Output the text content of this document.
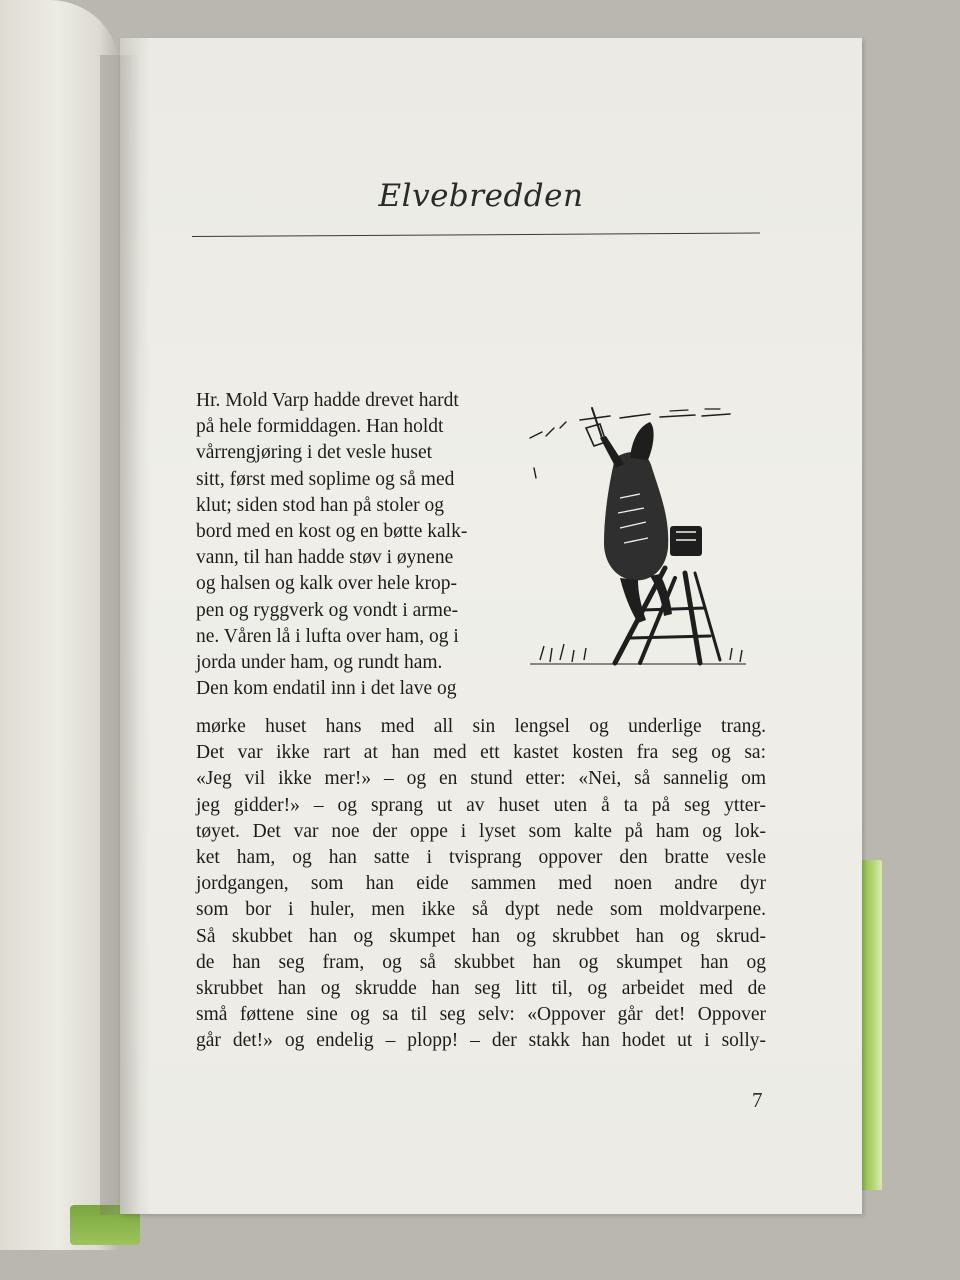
Elvebredden
Hr. Mold Varp hadde drevet hardt
på hele formiddagen. Han holdt
vårrengjøring i det vesle huset
sitt, først med soplime og så med
klut; siden stod han på stoler og
bord med en kost og en bøtte kalk-
vann, til han hadde støv i øynene
og halsen og kalk over hele krop-
pen og ryggverk og vondt i arme-
ne. Våren lå i lufta over ham, og i
jorda under ham, og rundt ham.
Den kom endatil inn i det lave og
mørke huset hans med all sin lengsel og underlige trang.
Det var ikke rart at han med ett kastet kosten fra seg og sa:
«Jeg vil ikke mer!» – og en stund etter: «Nei, så sannelig om
jeg gidder!» – og sprang ut av huset uten å ta på seg ytter-
tøyet. Det var noe der oppe i lyset som kalte på ham og lok-
ket ham, og han satte i tvisprang oppover den bratte vesle
jordgangen, som han eide sammen med noen andre dyr
som bor i huler, men ikke så dypt nede som moldvarpene.
Så skubbet han og skumpet han og skrubbet han og skrud-
de han seg fram, og så skubbet han og skumpet han og
skrubbet han og skrudde han seg litt til, og arbeidet med de
små føttene sine og sa til seg selv: «Oppover går det! Oppover
går det!» og endelig – plopp! – der stakk han hodet ut i solly-
7
